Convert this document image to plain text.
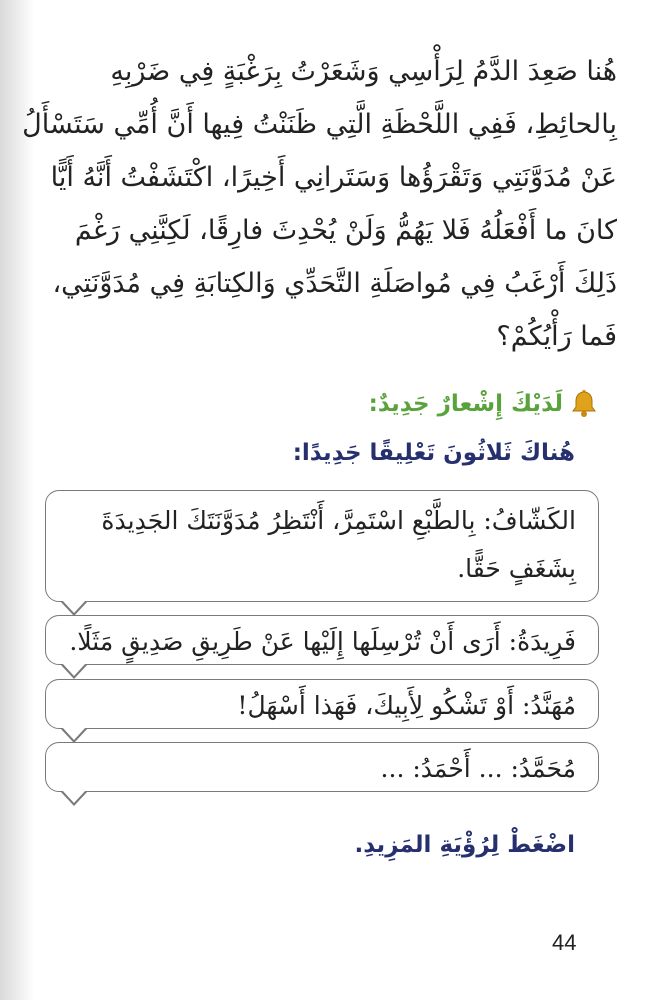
هُنا صَعِدَ الدَّمُ لِرَأْسِي وَشَعَرْتُ بِرَغْبَةٍ فِي ضَرْبِهِ
بِالحائِطِ، فَفِي اللَّحْظَةِ الَّتِي ظَنَنْتُ فِيها أَنَّ أُمِّي سَتَسْأَلُ
عَنْ مُدَوَّنَتِي وَتَقْرَؤُها وَسَتَرانِي أَخِيرًا، اكْتَشَفْتُ أَنَّهُ أَيًّا
كانَ ما أَفْعَلُهُ فَلا يَهُمُّ وَلَنْ يُحْدِثَ فارِقًا، لَكِنَّنِي رَغْمَ
ذَلِكَ أَرْغَبُ فِي مُواصَلَةِ التَّحَدِّي وَالكِتابَةِ فِي مُدَوَّنَتِي،
فَما رَأْيُكُمْ؟
لَدَيْكَ إِشْعارٌ جَدِيدٌ:
هُناكَ ثَلاثُونَ تَعْلِيقًا جَدِيدًا:
الكَشّافُ: بِالطَّبْعِ اسْتَمِرَّ، أَنْتَظِرُ مُدَوَّنَتَكَ الجَدِيدَةَ
بِشَغَفٍ حَقًّا.
فَرِيدَةُ: أَرَى أَنْ تُرْسِلَها إِلَيْها عَنْ طَرِيقِ صَدِيقٍ مَثَلًا.
مُهَنَّدُ: أَوْ تَشْكُو لِأَبِيكَ، فَهَذا أَسْهَلُ!
مُحَمَّدُ: ... أَحْمَدُ: ...
اضْغَطْ لِرُؤْيَةِ المَزِيدِ.
44
